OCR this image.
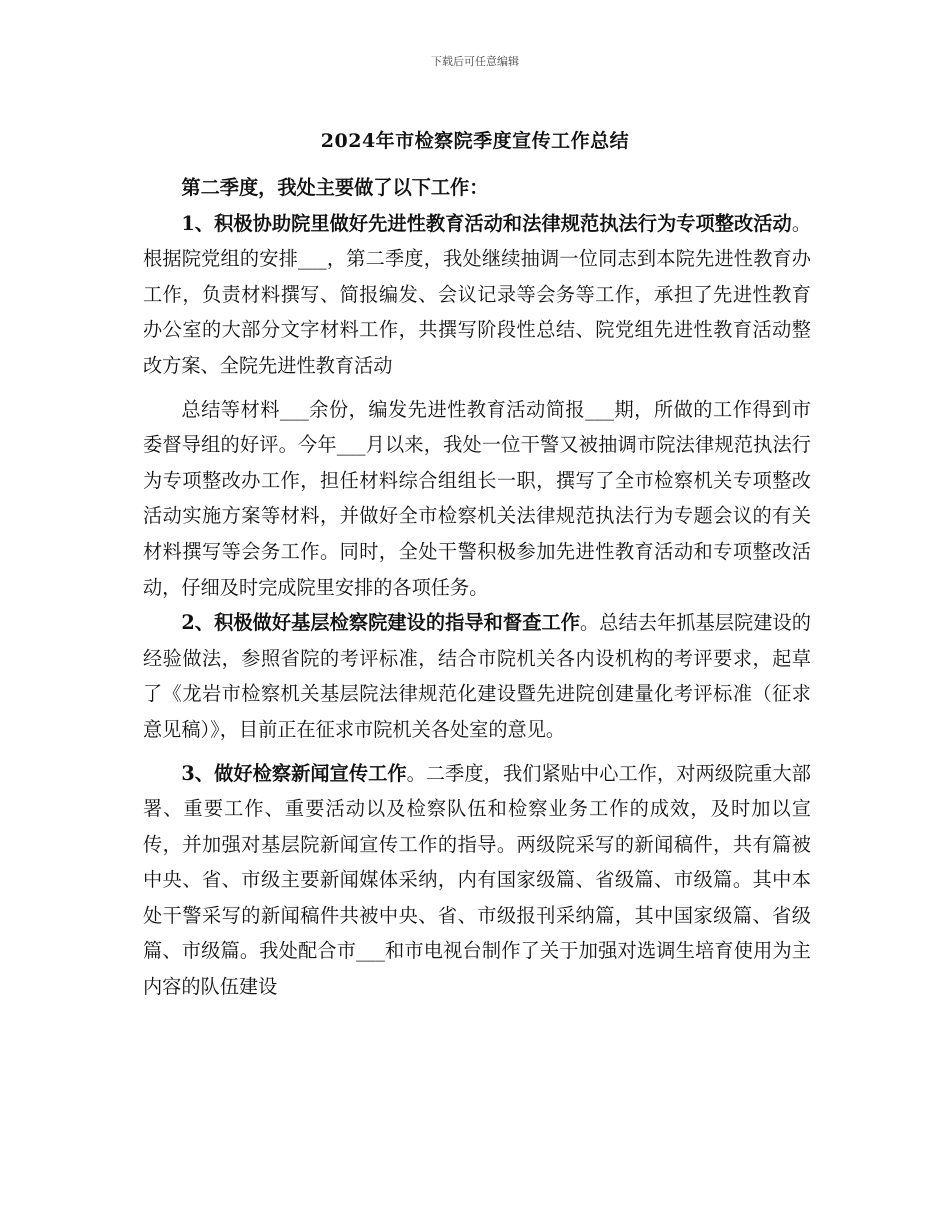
下载后可任意编辑
2024年市检察院季度宣传工作总结

第二季度，我处主要做了以下工作：

1、积极协助院里做好先进性教育活动和法律规范执法行为专项整改活动。根据院党组的安排___，第二季度，我处继续抽调一位同志到本院先进性教育办工作，负责材料撰写、简报编发、会议记录等会务等工作，承担了先进性教育办公室的大部分文字材料工作，共撰写阶段性总结、院党组先进性教育活动整改方案、全院先进性教育活动

总结等材料___余份，编发先进性教育活动简报___期，所做的工作得到市委督导组的好评。今年___月以来，我处一位干警又被抽调市院法律规范执法行为专项整改办工作，担任材料综合组组长一职，撰写了全市检察机关专项整改活动实施方案等材料，并做好全市检察机关法律规范执法行为专题会议的有关材料撰写等会务工作。同时，全处干警积极参加先进性教育活动和专项整改活动，仔细及时完成院里安排的各项任务。

2、积极做好基层检察院建设的指导和督查工作。总结去年抓基层院建设的经验做法，参照省院的考评标准，结合市院机关各内设机构的考评要求，起草了《龙岩市检察机关基层院法律规范化建设暨先进院创建量化考评标准（征求意见稿）》，目前正在征求市院机关各处室的意见。

3、做好检察新闻宣传工作。二季度，我们紧贴中心工作，对两级院重大部署、重要工作、重要活动以及检察队伍和检察业务工作的成效，及时加以宣传，并加强对基层院新闻宣传工作的指导。两级院采写的新闻稿件，共有篇被中央、省、市级主要新闻媒体采纳，内有国家级篇、省级篇、市级篇。其中本处干警采写的新闻稿件共被中央、省、市级报刊采纳篇，其中国家级篇、省级篇、市级篇。我处配合市___和市电视台制作了关于加强对选调生培育使用为主内容的队伍建设
